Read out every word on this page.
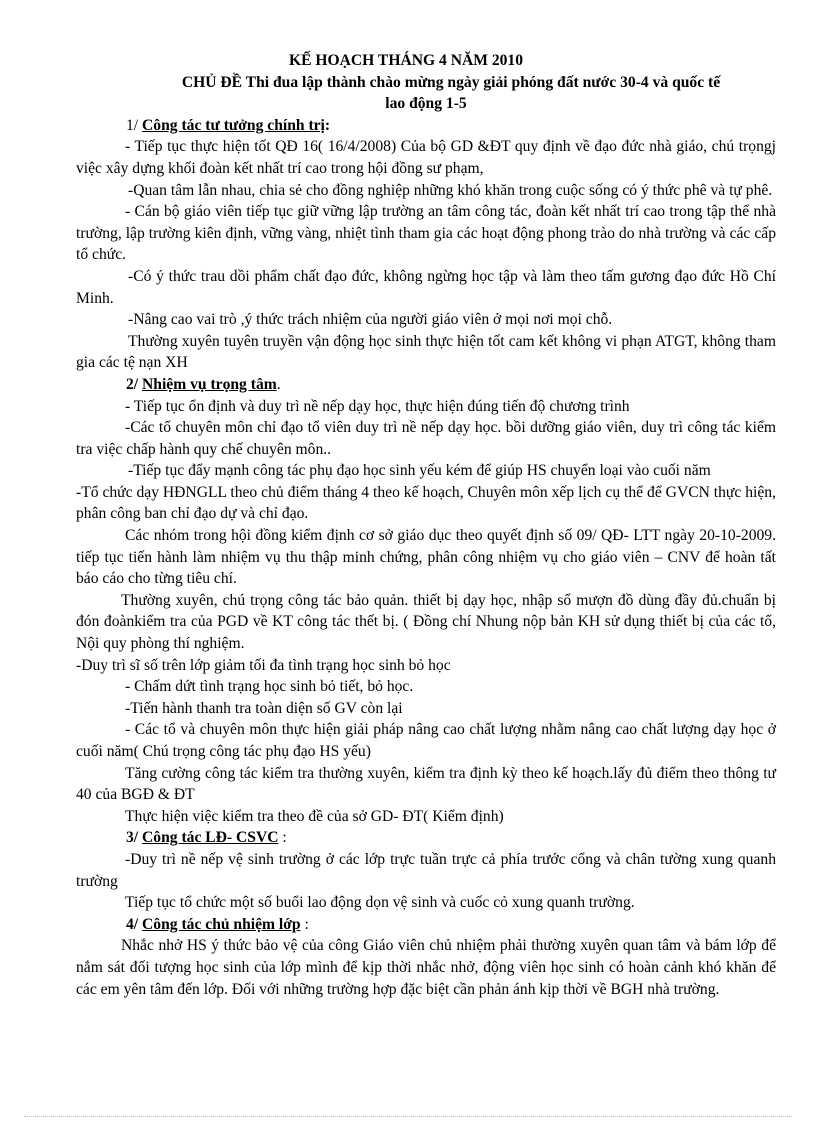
KẾ HOẠCH THÁNG 4 NĂM 2010
CHỦ ĐỀ Thi đua lập thành chào mừng ngày giải phóng đất nước 30-4 và quốc tế
lao động 1-5
1/ Công tác tư tưởng chính trị:
- Tiếp tục thực hiện tốt QĐ 16( 16/4/2008) Của bộ GD &ĐT quy định về đạo đức nhà giáo, chú trọngj việc xây dựng khối đoàn kết nhất trí cao trong hội đồng sư phạm,
-Quan tâm lẫn nhau, chia sẻ cho đồng nghiệp những khó khăn trong cuộc sống có ý thức phê và tự phê.
- Cán bộ giáo viên tiếp tục giữ vững lập trường an tâm công tác, đoàn kết nhất trí cao trong tập thể nhà trường, lập trường kiên định, vững vàng, nhiệt tình tham gia các hoạt động phong trào do nhà trường và các cấp tổ chức.
-Có ý thức trau dồi phẩm chất đạo đức, không ngừng học tập và làm theo tấm gương đạo đức Hồ Chí Minh.
-Nâng cao vai trò ,ý thức trách nhiệm của người giáo viên ở mọi nơi mọi chỗ.
Thường xuyên tuyên truyền vận động học sinh thực hiện tốt cam kết không vi phạn ATGT, không tham gia các tệ nạn XH
2/ Nhiệm vụ trọng tâm.
- Tiếp tục ổn định và duy trì nề nếp dạy học, thực hiện đúng tiến độ chương trình
-Các tổ chuyên môn chỉ đạo tổ viên duy trì nề nếp dạy học. bồi dưỡng giáo viên, duy trì công tác kiểm tra việc chấp hành quy chế chuyên môn..
-Tiếp tục đẩy mạnh công tác phụ đạo học sinh yếu kém để giúp HS chuyển loại vào cuối năm
-Tổ chức dạy HĐNGLL theo chủ điểm tháng 4 theo kế hoạch, Chuyên môn xếp lịch cụ thể để GVCN thực hiện, phân công ban chỉ đạo dự và chỉ đạo.
Các nhóm trong hội đồng kiểm định cơ sở giáo dục theo quyết định số 09/ QĐ- LTT ngày 20-10-2009. tiếp tục tiến hành làm nhiệm vụ thu thập minh chứng, phân công nhiệm vụ cho giáo viên – CNV để hoàn tất báo cáo cho từng tiêu chí.
Thường xuyên, chú trọng công tác bảo quản. thiết bị dạy học, nhập sổ mượn đồ dùng đầy đủ.chuẩn bị đón đoànkiểm tra của PGD về KT công tác thết bị. ( Đồng chí Nhung nộp bản KH sử dụng thiết bị của các tổ, Nội quy phòng thí nghiệm.
-Duy trì sĩ số trên lớp giảm tối đa tình trạng học sinh bỏ học
- Chấm dứt tình trạng học sinh bỏ tiết, bỏ học.
-Tiến hành thanh tra toàn diện số GV còn lại
- Các tổ và chuyên môn thực hiện giải pháp nâng cao chất lượng nhằm nâng cao chất lượng dạy học ở cuối năm( Chú trọng công tác phụ đạo HS yếu)
Tăng cường công tác kiểm tra thường xuyên, kiểm tra định kỳ theo kế hoạch.lấy đủ điểm theo thông tư 40 của BGĐ & ĐT
Thực hiện việc kiểm tra theo đề của sở GD- ĐT( Kiểm định)
3/ Công tác LĐ- CSVC :
-Duy trì nề nếp vệ sinh trường ở các lớp trực tuần trực cả phía trước cổng và chân tường xung quanh trường
Tiếp tục tổ chức một số buổi lao động dọn vệ sinh và cuốc cỏ xung quanh trường.
4/ Công tác chủ nhiệm lớp :
Nhắc nhở HS ý thức bảo vệ của công Giáo viên chủ nhiệm phải thường xuyên quan tâm và bám lớp để nắm sát đối tượng học sinh của lớp mình để kịp thời nhắc nhở, động viên học sinh có hoàn cảnh khó khăn để các em yên tâm đến lớp. Đối với những trường hợp đặc biệt cần phản ánh kịp thời về BGH nhà trường.
